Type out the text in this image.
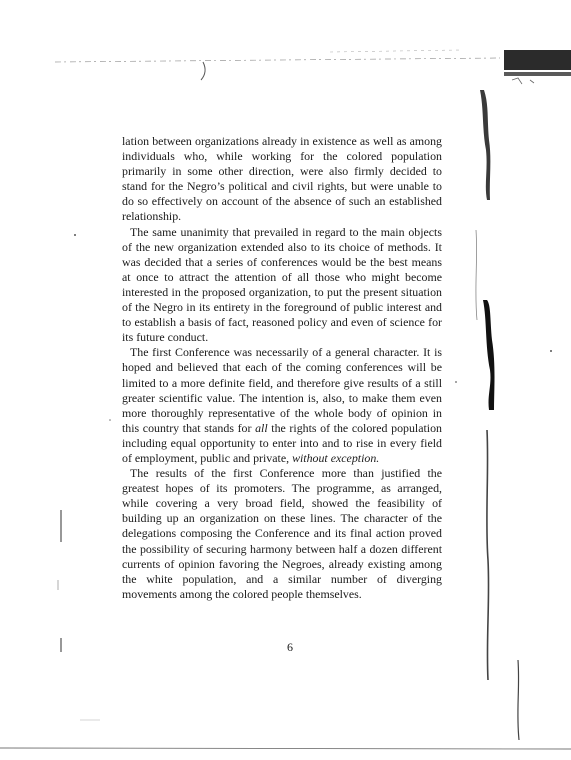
lation between organizations already in existence as well as among individuals who, while working for the colored population primarily in some other direction, were also firmly decided to stand for the Negro’s political and civil rights, but were unable to do so effectively on account of the absence of such an established relationship.

The same unanimity that prevailed in regard to the main objects of the new organization extended also to its choice of methods. It was decided that a series of conferences would be the best means at once to attract the attention of all those who might become interested in the proposed organization, to put the present situation of the Negro in its entirety in the foreground of public interest and to establish a basis of fact, reasoned policy and even of science for its future conduct.

The first Conference was necessarily of a general character. It is hoped and believed that each of the coming conferences will be limited to a more definite field, and therefore give results of a still greater scientific value. The intention is, also, to make them even more thoroughly representative of the whole body of opinion in this country that stands for all the rights of the colored population including equal opportunity to enter into and to rise in every field of employment, public and private, without exception.

The results of the first Conference more than justified the greatest hopes of its promoters. The programme, as arranged, while covering a very broad field, showed the feasibility of building up an organization on these lines. The character of the delegations composing the Conference and its final action proved the possibility of securing harmony between half a dozen different currents of opinion favoring the Negroes, already existing among the white population, and a similar number of diverging movements among the colored people themselves.

6
